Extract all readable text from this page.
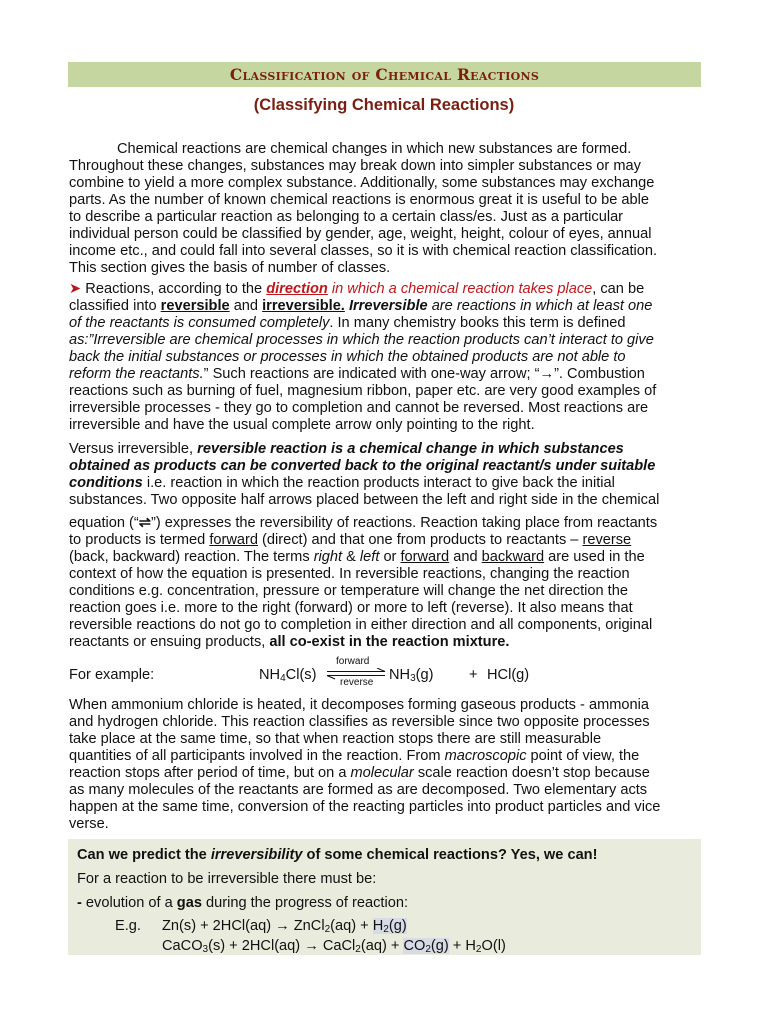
Classification of Chemical Reactions
(Classifying Chemical Reactions)
Chemical reactions are chemical changes in which new substances are formed.
Throughout these changes, substances may break down into simpler substances or may
combine to yield a more complex substance. Additionally, some substances may exchange
parts. As the number of known chemical reactions is enormous great it is useful to be able
to describe a particular reaction as belonging to a certain class/es. Just as a particular
individual person could be classified by gender, age, weight, height, colour of eyes, annual
income etc., and could fall into several classes, so it is with chemical reaction classification.
This section gives the basis of number of classes.
➤ Reactions, according to the direction in which a chemical reaction takes place, can be
classified into reversible and irreversible. Irreversible are reactions in which at least one
of the reactants is consumed completely. In many chemistry books this term is defined
as:”Irreversible are chemical processes in which the reaction products can’t interact to give
back the initial substances or processes in which the obtained products are not able to
reform the reactants.” Such reactions are indicated with one-way arrow; “→”. Combustion
reactions such as burning of fuel, magnesium ribbon, paper etc. are very good examples of
irreversible processes - they go to completion and cannot be reversed. Most reactions are
irreversible and have the usual complete arrow only pointing to the right.
Versus irreversible, reversible reaction is a chemical change in which substances
obtained as products can be converted back to the original reactant/s under suitable
conditions i.e. reaction in which the reaction products interact to give back the initial
substances. Two opposite half arrows placed between the left and right side in the chemical
equation (“⇌”) expresses the reversibility of reactions. Reaction taking place from reactants
to products is termed forward (direct) and that one from products to reactants – reverse
(back, backward) reaction. The terms right & left or forward and backward are used in the
context of how the equation is presented. In reversible reactions, changing the reaction
conditions e.g. concentration, pressure or temperature will change the net direction the
reaction goes i.e. more to the right (forward) or more to left (reverse). It also means that
reversible reactions do not go to completion in either direction and all components, original
reactants or ensuing products, all co-exist in the reaction mixture.
For example:	$NH_4Cl(s)$
forward
reverse $NH_3(g) + HCl(g)$
When ammonium chloride is heated, it decomposes forming gaseous products - ammonia
and hydrogen chloride. This reaction classifies as reversible since two opposite processes
take place at the same time, so that when reaction stops there are still measurable
quantities of all participants involved in the reaction. From macroscopic point of view, the
reaction stops after period of time, but on a molecular scale reaction doesn’t stop because
as many molecules of the reactants are formed as are decomposed. Two elementary acts
happen at the same time, conversion of the reacting particles into product particles and vice
verse.
Can we predict the irreversibility of some chemical reactions? Yes, we can!
For a reaction to be irreversible there must be:
- evolution of a gas during the progress of reaction:
E.g. Zn(s) + 2HCl(aq) → ZnCl$_2$(aq) + $H_2(g)$
CaCO$_3$(s) + 2HCl(aq) → CaCl$_2$(aq) + $CO_2(g) + H_2O(l)$
